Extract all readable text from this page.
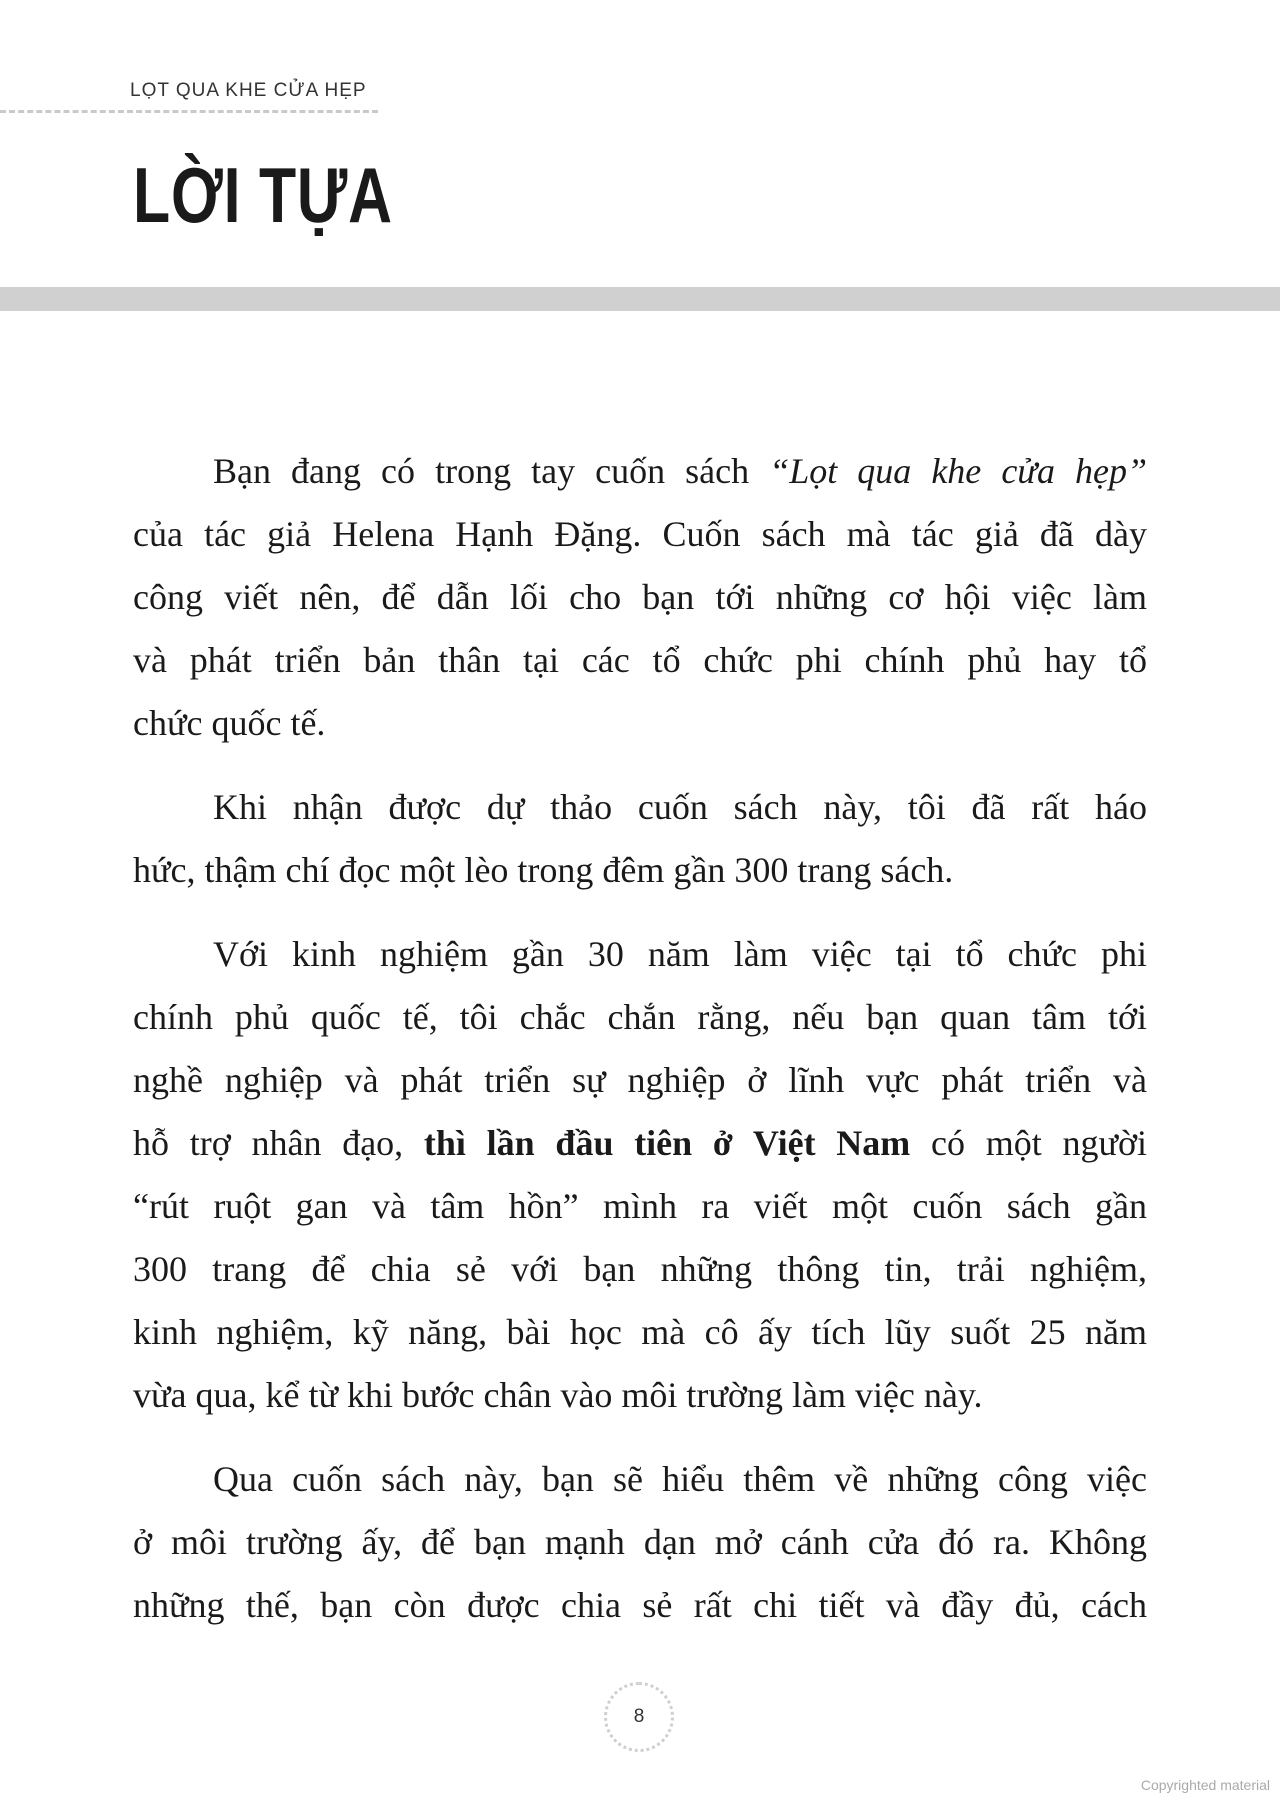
LỌT QUA KHE CỬA HẸP
LỜI TỰA
Bạn đang có trong tay cuốn sách “Lọt qua khe cửa hẹp”
của tác giả Helena Hạnh Đặng. Cuốn sách mà tác giả đã dày
công viết nên, để dẫn lối cho bạn tới những cơ hội việc làm
và phát triển bản thân tại các tổ chức phi chính phủ hay tổ
chức quốc tế.
Khi nhận được dự thảo cuốn sách này, tôi đã rất háo
hức, thậm chí đọc một lèo trong đêm gần 300 trang sách.
Với kinh nghiệm gần 30 năm làm việc tại tổ chức phi
chính phủ quốc tế, tôi chắc chắn rằng, nếu bạn quan tâm tới
nghề nghiệp và phát triển sự nghiệp ở lĩnh vực phát triển và
hỗ trợ nhân đạo, thì lần đầu tiên ở Việt Nam có một người
“rút ruột gan và tâm hồn” mình ra viết một cuốn sách gần
300 trang để chia sẻ với bạn những thông tin, trải nghiệm,
kinh nghiệm, kỹ năng, bài học mà cô ấy tích lũy suốt 25 năm
vừa qua, kể từ khi bước chân vào môi trường làm việc này.
Qua cuốn sách này, bạn sẽ hiểu thêm về những công việc
ở môi trường ấy, để bạn mạnh dạn mở cánh cửa đó ra. Không
những thế, bạn còn được chia sẻ rất chi tiết và đầy đủ, cách
8
Copyrighted material
